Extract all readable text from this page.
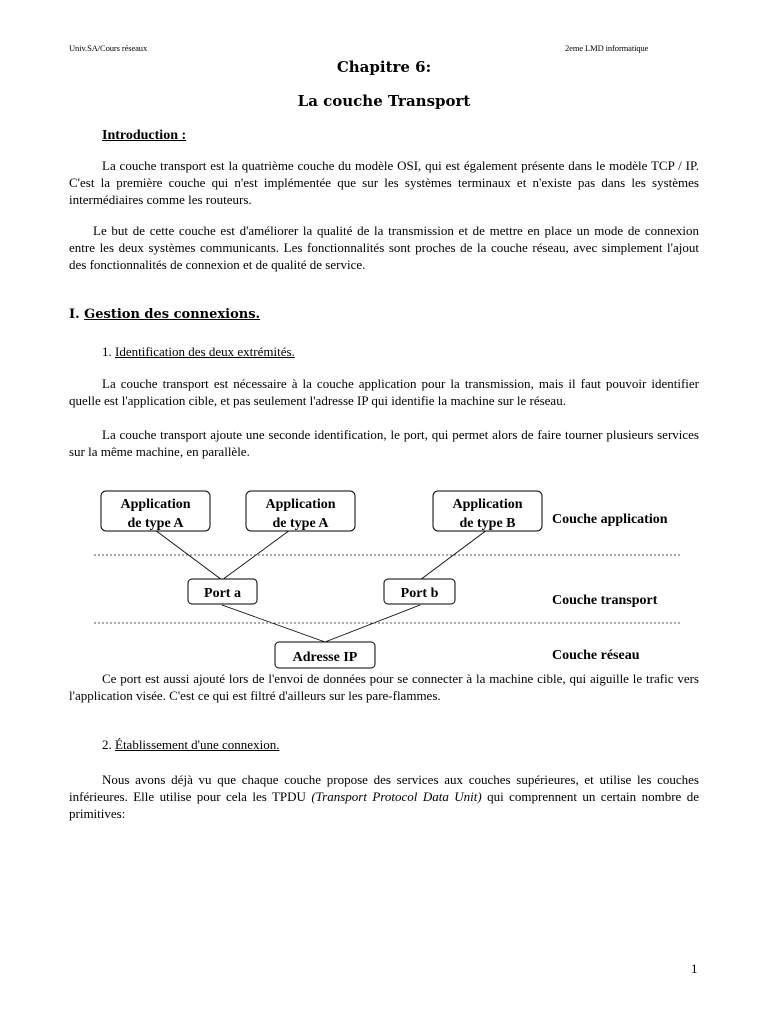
Univ.SA/Cours réseaux	2eme LMD informatique
Chapitre 6:
La couche Transport
Introduction :

La couche transport est la quatrième couche du modèle OSI, qui est également présente dans le modèle TCP / IP. C'est la première couche qui n'est implémentée que sur les systèmes terminaux et n'existe pas dans les systèmes intermédiaires comme les routeurs.

Le but de cette couche est d'améliorer la qualité de la transmission et de mettre en place un mode de connexion entre les deux systèmes communicants. Les fonctionnalités sont proches de la couche réseau, avec simplement l'ajout des fonctionnalités de connexion et de qualité de service.

I. Gestion des connexions.
1. Identification des deux extrémités.

La couche transport est nécessaire à la couche application pour la transmission, mais il faut pouvoir identifier quelle est l'application cible, et pas seulement l'adresse IP qui identifie la machine sur le réseau.

La couche transport ajoute une seconde identification, le port, qui permet alors de faire tourner plusieurs services sur la même machine, en parallèle.

Application
de type A
Application
de type A
Application
de type B
Port a	Port b
Adresse IP
Couche application
Couche transport
Couche réseau

Ce port est aussi ajouté lors de l'envoi de données pour se connecter à la machine cible, qui aiguille le trafic vers l'application visée. C'est ce qui est filtré d'ailleurs sur les pare-flammes.

2. Établissement d'une connexion.

Nous avons déjà vu que chaque couche propose des services aux couches supérieures, et utilise les couches inférieures. Elle utilise pour cela les TPDU (Transport Protocol Data Unit) qui comprennent un certain nombre de primitives:

1
